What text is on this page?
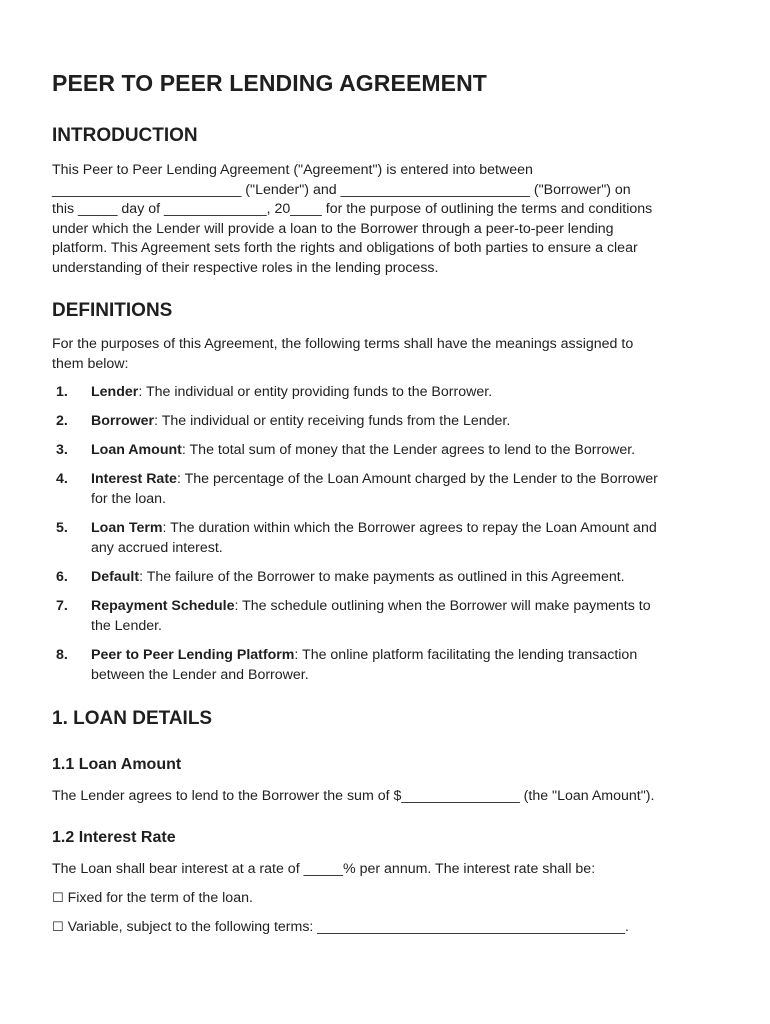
PEER TO PEER LENDING AGREEMENT
INTRODUCTION

This Peer to Peer Lending Agreement ("Agreement") is entered into between
________________________ ("Lender") and ________________________ ("Borrower") on
this _____ day of _____________, 20____ for the purpose of outlining the terms and conditions
under which the Lender will provide a loan to the Borrower through a peer-to-peer lending
platform. This Agreement sets forth the rights and obligations of both parties to ensure a clear
understanding of their respective roles in the lending process.

DEFINITIONS

For the purposes of this Agreement, the following terms shall have the meanings assigned to
them below:

1. Lender: The individual or entity providing funds to the Borrower.
2. Borrower: The individual or entity receiving funds from the Lender.
3. Loan Amount: The total sum of money that the Lender agrees to lend to the Borrower.
4. Interest Rate: The percentage of the Loan Amount charged by the Lender to the Borrower
for the loan.
5. Loan Term: The duration within which the Borrower agrees to repay the Loan Amount and
any accrued interest.
6. Default: The failure of the Borrower to make payments as outlined in this Agreement.
7. Repayment Schedule: The schedule outlining when the Borrower will make payments to
the Lender.
8. Peer to Peer Lending Platform: The online platform facilitating the lending transaction
between the Lender and Borrower.
1. LOAN DETAILS
1.1 Loan Amount

The Lender agrees to lend to the Borrower the sum of $_______________ (the "Loan Amount").

1.2 Interest Rate

The Loan shall bear interest at a rate of _____% per annum. The interest rate shall be:

☐ Fixed for the term of the loan.

☐ Variable, subject to the following terms: _______________________________________.
